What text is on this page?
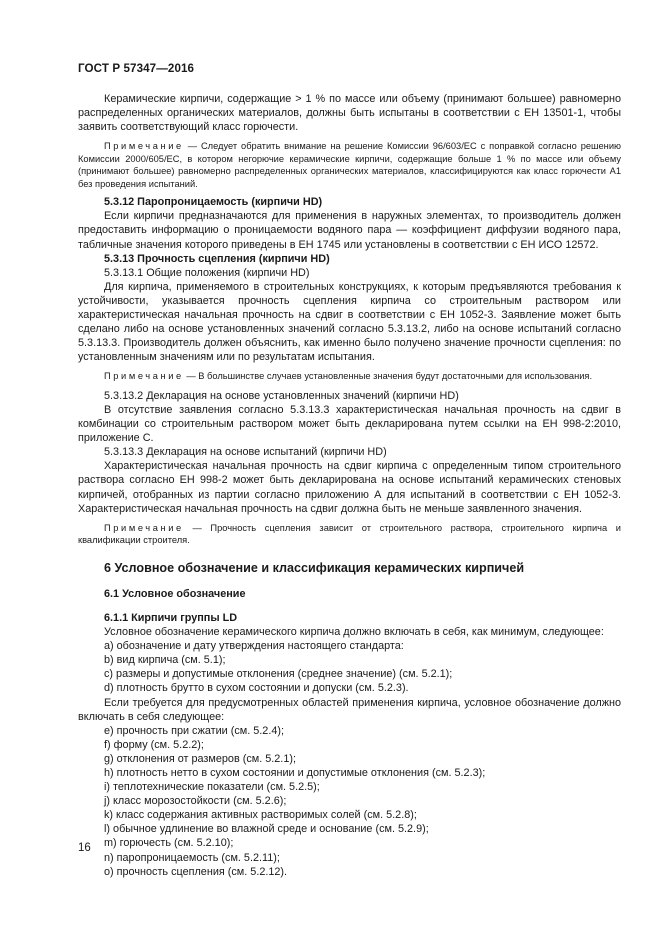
ГОСТ Р 57347—2016

Керамические кирпичи, содержащие > 1 % по массе или объему (принимают большее) равномерно распределенных органических материалов, должны быть испытаны в соответствии с ЕН 13501-1, чтобы заявить соответствующий класс горючести.

Примечание — Следует обратить внимание на решение Комиссии 96/603/ЕС с поправкой согласно решению Комиссии 2000/605/ЕС, в котором негорючие керамические кирпичи, содержащие больше 1 % по массе или объему (принимают большее) равномерно распределенных органических материалов, классифицируются как класс горючести А1 без проведения испытаний.

5.3.12 Паропроницаемость (кирпичи HD)

Если кирпичи предназначаются для применения в наружных элементах, то производитель должен предоставить информацию о проницаемости водяного пара — коэффициент диффузии водяного пара, табличные значения которого приведены в ЕН 1745 или установлены в соответствии с ЕН ИСО 12572.

5.3.13 Прочность сцепления (кирпичи HD)

5.3.13.1 Общие положения (кирпичи HD)

Для кирпича, применяемого в строительных конструкциях, к которым предъявляются требования к устойчивости, указывается прочность сцепления кирпича со строительным раствором или характеристическая начальная прочность на сдвиг в соответствии с ЕН 1052-3. Заявление может быть сделано либо на основе установленных значений согласно 5.3.13.2, либо на основе испытаний согласно 5.3.13.3. Производитель должен объяснить, как именно было получено значение прочности сцепления: по установленным значениям или по результатам испытания.

Примечание — В большинстве случаев установленные значения будут достаточными для использования.

5.3.13.2 Декларация на основе установленных значений (кирпичи HD)

В отсутствие заявления согласно 5.3.13.3 характеристическая начальная прочность на сдвиг в комбинации со строительным раствором может быть декларирована путем ссылки на ЕН 998-2:2010, приложение С.

5.3.13.3 Декларация на основе испытаний (кирпичи HD)

Характеристическая начальная прочность на сдвиг кирпича с определенным типом строительного раствора согласно ЕН 998-2 может быть декларирована на основе испытаний керамических стеновых кирпичей, отобранных из партии согласно приложению А для испытаний в соответствии с ЕН 1052-3. Характеристическая начальная прочность на сдвиг должна быть не меньше заявленного значения.

Примечание — Прочность сцепления зависит от строительного раствора, строительного кирпича и квалификации строителя.

6 Условное обозначение и классификация керамических кирпичей

6.1 Условное обозначение

6.1.1 Кирпичи группы LD

Условное обозначение керамического кирпича должно включать в себя, как минимум, следующее:

a) обозначение и дату утверждения настоящего стандарта:

b) вид кирпича (см. 5.1);

c) размеры и допустимые отклонения (среднее значение) (см. 5.2.1);

d) плотность брутто в сухом состоянии и допуски (см. 5.2.3).

Если требуется для предусмотренных областей применения кирпича, условное обозначение должно включать в себя следующее:

e) прочность при сжатии (см. 5.2.4);

f) форму (см. 5.2.2);

g) отклонения от размеров (см. 5.2.1);

h) плотность нетто в сухом состоянии и допустимые отклонения (см. 5.2.3);

i) теплотехнические показатели (см. 5.2.5);

j) класс морозостойкости (см. 5.2.6);

k) класс содержания активных растворимых солей (см. 5.2.8);

l) обычное удлинение во влажной среде и основание (см. 5.2.9);

m) горючесть (см. 5.2.10);

n) паропроницаемость (см. 5.2.11);

o) прочность сцепления (см. 5.2.12).

16
